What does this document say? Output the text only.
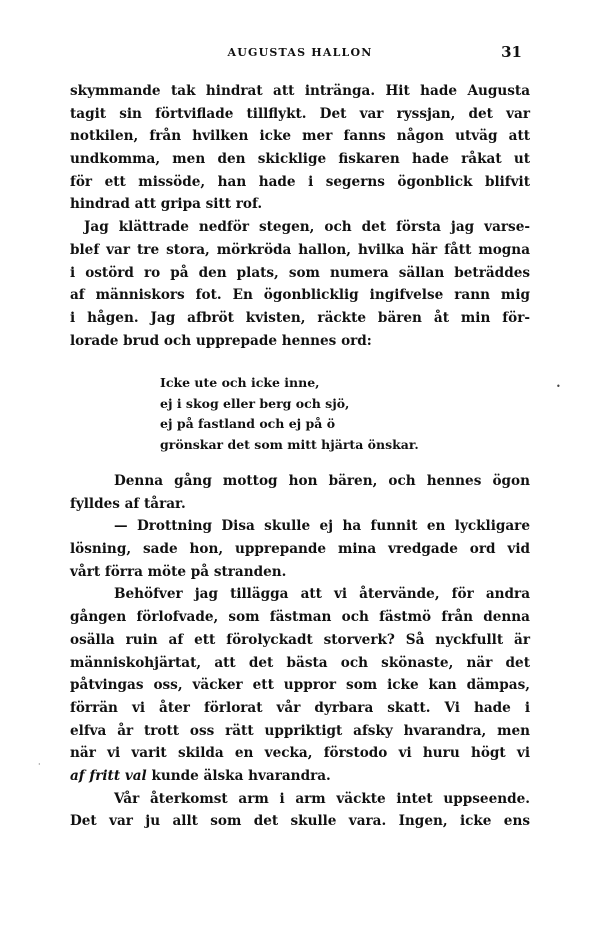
AUGUSTAS HALLON	31
skymmande tak hindrat att intränga. Hit hade Augusta
tagit sin förtviflade tillflykt. Det var ryssjan, det var
notkilen, från hvilken icke mer fanns någon utväg att
undkomma, men den skicklige fiskaren hade råkat ut
för ett missöde, han hade i segerns ögonblick blifvit
hindrad att gripa sitt rof.
Jag klättrade nedför stegen, och det första jag varse-
blef var tre stora, mörkröda hallon, hvilka här fått mogna
i ostörd ro på den plats, som numera sällan beträddes
af människors fot. En ögonblicklig ingifvelse rann mig
i hågen. Jag afbröt kvisten, räckte bären åt min för-
lorade brud och upprepade hennes ord:
Icke ute och icke inne,
ej i skog eller berg och sjö,
ej på fastland och ej på ö
grönskar det som mitt hjärta önskar.
Denna gång mottog hon bären, och hennes ögon
fylldes af tårar.
— Drottning Disa skulle ej ha funnit en lyckligare
lösning, sade hon, upprepande mina vredgade ord vid
vårt förra möte på stranden.
Behöfver jag tillägga att vi återvände, för andra
gången förlofvade, som fästman och fästmö från denna
osälla ruin af ett förolyckadt storverk? Så nyckfullt är
människohjärtat, att det bästa och skönaste, när det
påtvingas oss, väcker ett uppror som icke kan dämpas,
förrän vi åter förlorat vår dyrbara skatt. Vi hade i
elfva år trott oss rätt uppriktigt afsky hvarandra, men
när vi varit skilda en vecka, förstodo vi huru högt vi
af fritt val kunde älska hvarandra.
Vår återkomst arm i arm väckte intet uppseende.
Det var ju allt som det skulle vara. Ingen, icke ens
•
·
